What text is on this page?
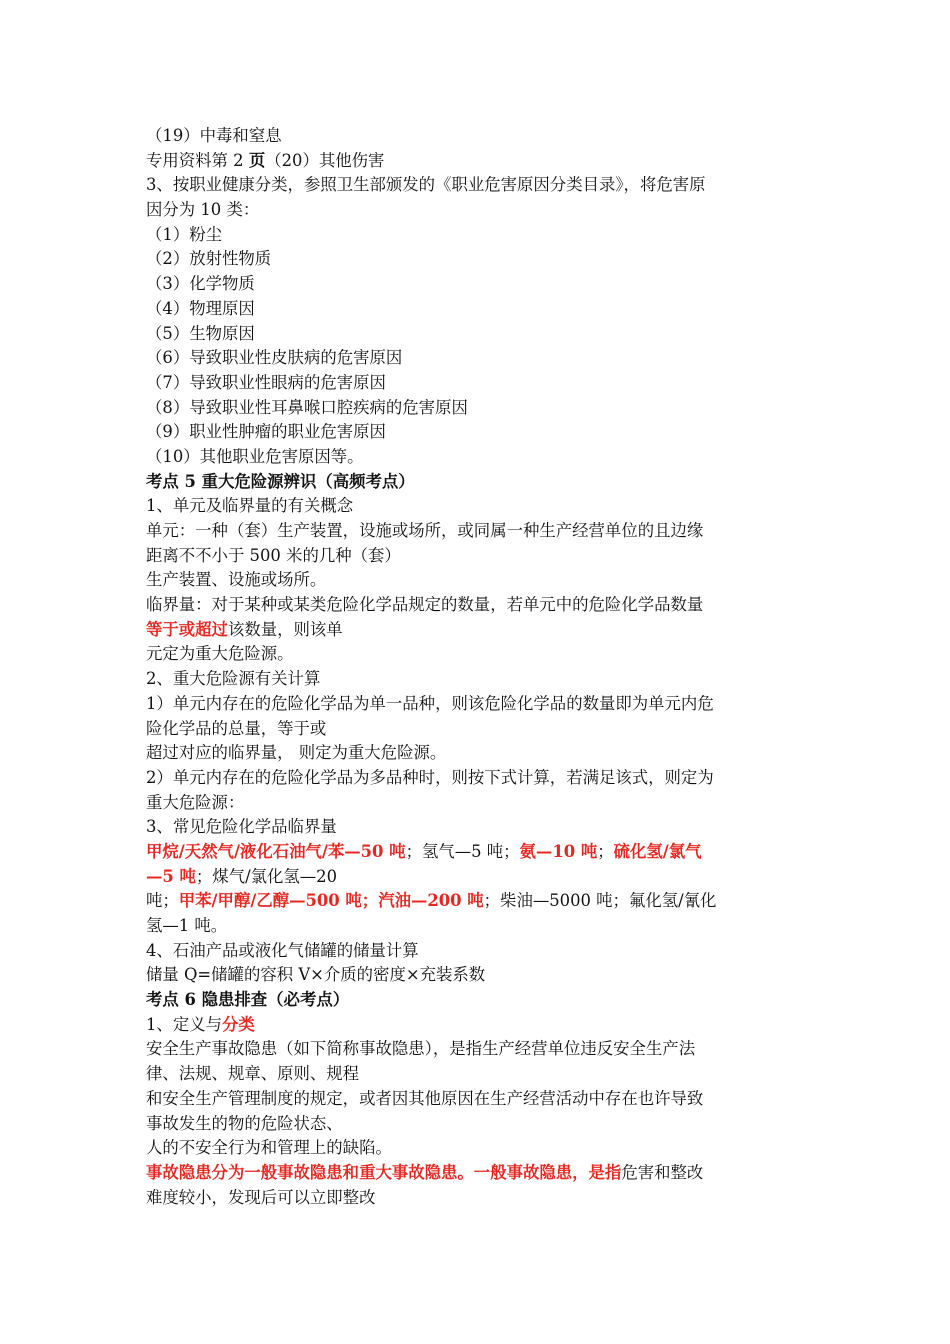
（19）中毒和窒息
专用资料第 2 页（20）其他伤害
3、按职业健康分类，参照卫生部颁发的《职业危害原因分类目录》，将危害原
因分为 10 类：
（1）粉尘
（2）放射性物质
（3）化学物质
（4）物理原因
（5）生物原因
（6）导致职业性皮肤病的危害原因
（7）导致职业性眼病的危害原因
（8）导致职业性耳鼻喉口腔疾病的危害原因
（9）职业性肿瘤的职业危害原因
（10）其他职业危害原因等。
考点 5 重大危险源辨识（高频考点）
1、单元及临界量的有关概念
单元：一种（套）生产装置，设施或场所，或同属一种生产经营单位的且边缘
距离不不小于 500 米的几种（套）
生产装置、设施或场所。
临界量：对于某种或某类危险化学品规定的数量，若单元中的危险化学品数量
等于或超过该数量，则该单
元定为重大危险源。
2、重大危险源有关计算
1）单元内存在的危险化学品为单一品种，则该危险化学品的数量即为单元内危
险化学品的总量，等于或
超过对应的临界量， 则定为重大危险源。
2）单元内存在的危险化学品为多品种时，则按下式计算，若满足该式，则定为
重大危险源：
3、常见危险化学品临界量
甲烷/天然气/液化石油气/苯—50 吨；氢气—5 吨；氨—10 吨；硫化氢/氯气
—5 吨；煤气/氯化氢—20
吨；甲苯/甲醇/乙醇—500 吨；汽油—200 吨；柴油—5000 吨；氟化氢/氰化
氢—1 吨。
4、石油产品或液化气储罐的储量计算
储量 Q=储罐的容积 V×介质的密度×充装系数
考点 6 隐患排查（必考点）
1、定义与分类
安全生产事故隐患（如下简称事故隐患），是指生产经营单位违反安全生产法
律、法规、规章、原则、规程
和安全生产管理制度的规定，或者因其他原因在生产经营活动中存在也许导致
事故发生的物的危险状态、
人的不安全行为和管理上的缺陷。
事故隐患分为一般事故隐患和重大事故隐患。一般事故隐患，是指危害和整改
难度较小，发现后可以立即整改
